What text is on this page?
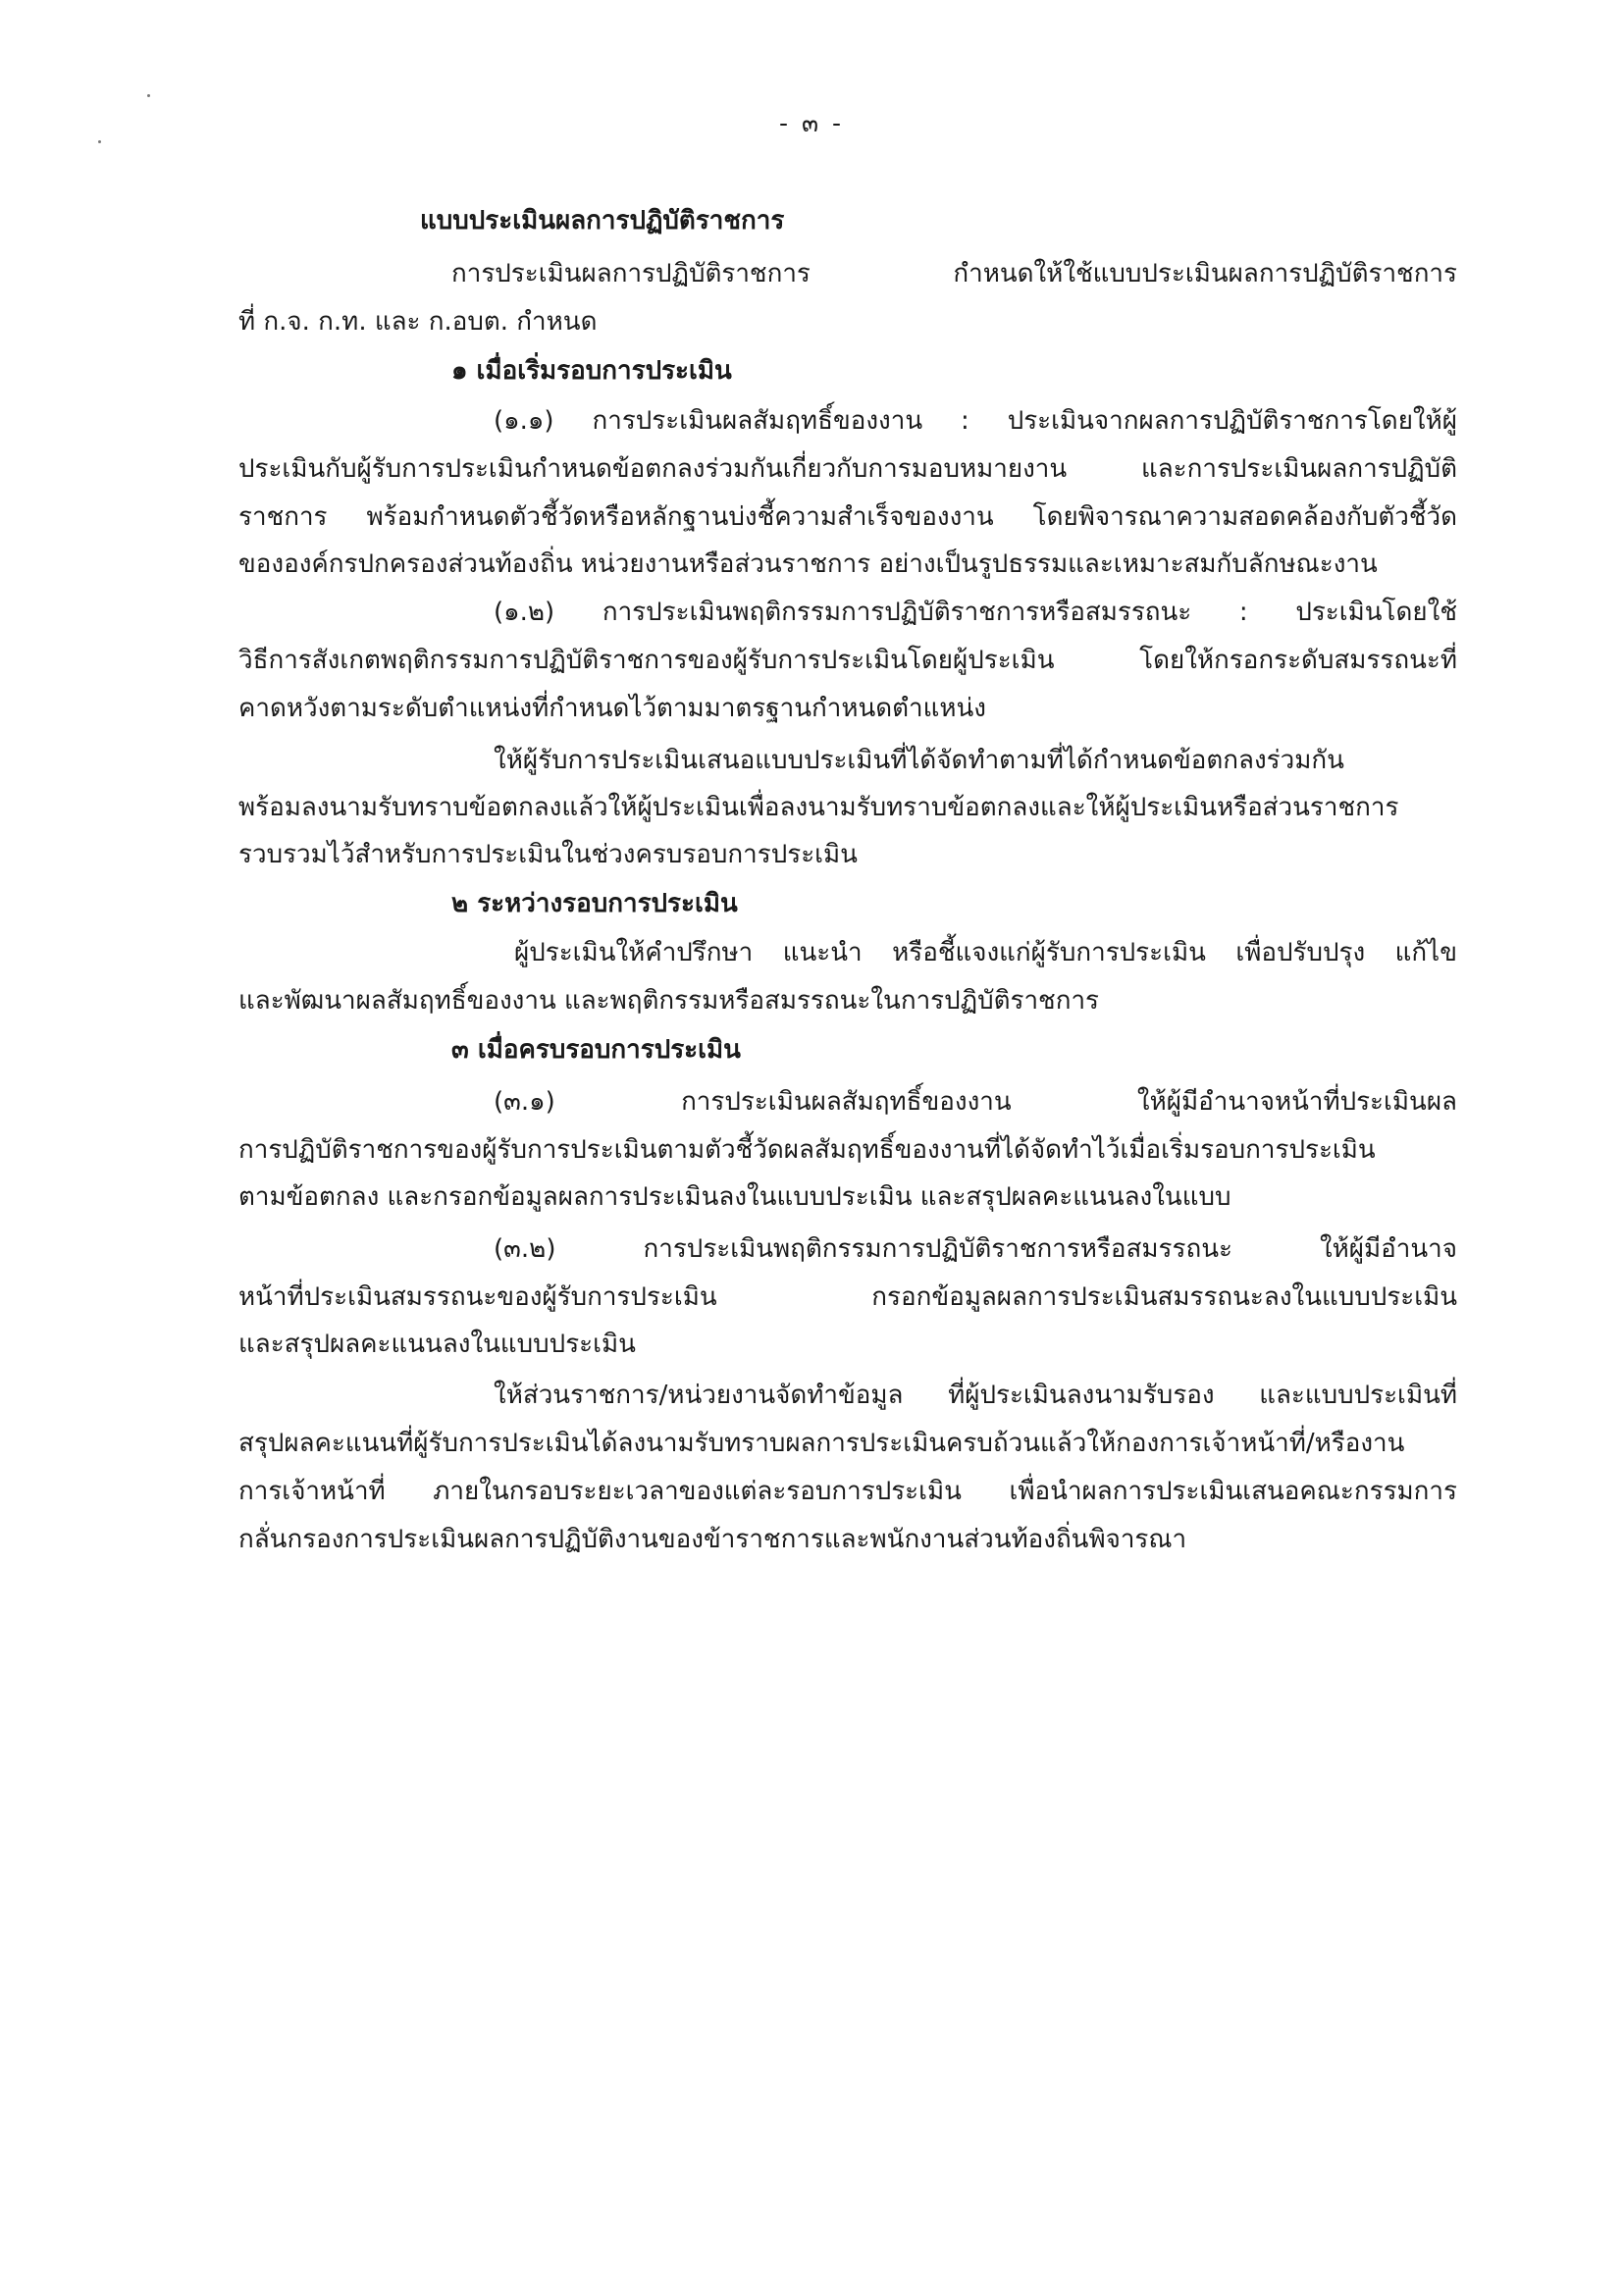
- ๓ -

แบบประเมินผลการปฏิบัติราชการ

การประเมินผลการปฏิบัติราชการ กำหนดให้ใช้แบบประเมินผลการปฏิบัติราชการ

ที่ ก.จ. ก.ท. และ ก.อบต. กำหนด

๑ เมื่อเริ่มรอบการประเมิน

(๑.๑) การประเมินผลสัมฤทธิ์ของงาน : ประเมินจากผลการปฏิบัติราชการโดยให้ผู้

ประเมินกับผู้รับการประเมินกำหนดข้อตกลงร่วมกันเกี่ยวกับการมอบหมายงาน และการประเมินผลการปฏิบัติ

ราชการ พร้อมกำหนดตัวชี้วัดหรือหลักฐานบ่งชี้ความสำเร็จของงาน โดยพิจารณาความสอดคล้องกับตัวชี้วัด

ขององค์กรปกครองส่วนท้องถิ่น หน่วยงานหรือส่วนราชการ อย่างเป็นรูปธรรมและเหมาะสมกับลักษณะงาน

(๑.๒) การประเมินพฤติกรรมการปฏิบัติราชการหรือสมรรถนะ : ประเมินโดยใช้

วิธีการสังเกตพฤติกรรมการปฏิบัติราชการของผู้รับการประเมินโดยผู้ประเมิน โดยให้กรอกระดับสมรรถนะที่

คาดหวังตามระดับตำแหน่งที่กำหนดไว้ตามมาตรฐานกำหนดตำแหน่ง

ให้ผู้รับการประเมินเสนอแบบประเมินที่ได้จัดทำตามที่ได้กำหนดข้อตกลงร่วมกัน

พร้อมลงนามรับทราบข้อตกลงแล้วให้ผู้ประเมินเพื่อลงนามรับทราบข้อตกลงและให้ผู้ประเมินหรือส่วนราชการ

รวบรวมไว้สำหรับการประเมินในช่วงครบรอบการประเมิน

๒ ระหว่างรอบการประเมิน

ผู้ประเมินให้คำปรึกษา แนะนำ หรือชี้แจงแก่ผู้รับการประเมิน เพื่อปรับปรุง แก้ไข

และพัฒนาผลสัมฤทธิ์ของงาน และพฤติกรรมหรือสมรรถนะในการปฏิบัติราชการ

๓ เมื่อครบรอบการประเมิน

(๓.๑) การประเมินผลสัมฤทธิ์ของงาน ให้ผู้มีอำนาจหน้าที่ประเมินผล

การปฏิบัติราชการของผู้รับการประเมินตามตัวชี้วัดผลสัมฤทธิ์ของงานที่ได้จัดทำไว้เมื่อเริ่มรอบการประเมิน

ตามข้อตกลง และกรอกข้อมูลผลการประเมินลงในแบบประเมิน และสรุปผลคะแนนลงในแบบ

(๓.๒) การประเมินพฤติกรรมการปฏิบัติราชการหรือสมรรถนะ ให้ผู้มีอำนาจ

หน้าที่ประเมินสมรรถนะของผู้รับการประเมิน กรอกข้อมูลผลการประเมินสมรรถนะลงในแบบประเมิน

และสรุปผลคะแนนลงในแบบประเมิน

ให้ส่วนราชการ/หน่วยงานจัดทำข้อมูล ที่ผู้ประเมินลงนามรับรอง และแบบประเมินที่

สรุปผลคะแนนที่ผู้รับการประเมินได้ลงนามรับทราบผลการประเมินครบถ้วนแล้วให้กองการเจ้าหน้าที่/หรืองาน

การเจ้าหน้าที่ ภายในกรอบระยะเวลาของแต่ละรอบการประเมิน เพื่อนำผลการประเมินเสนอคณะกรรมการ

กลั่นกรองการประเมินผลการปฏิบัติงานของข้าราชการและพนักงานส่วนท้องถิ่นพิจารณา
